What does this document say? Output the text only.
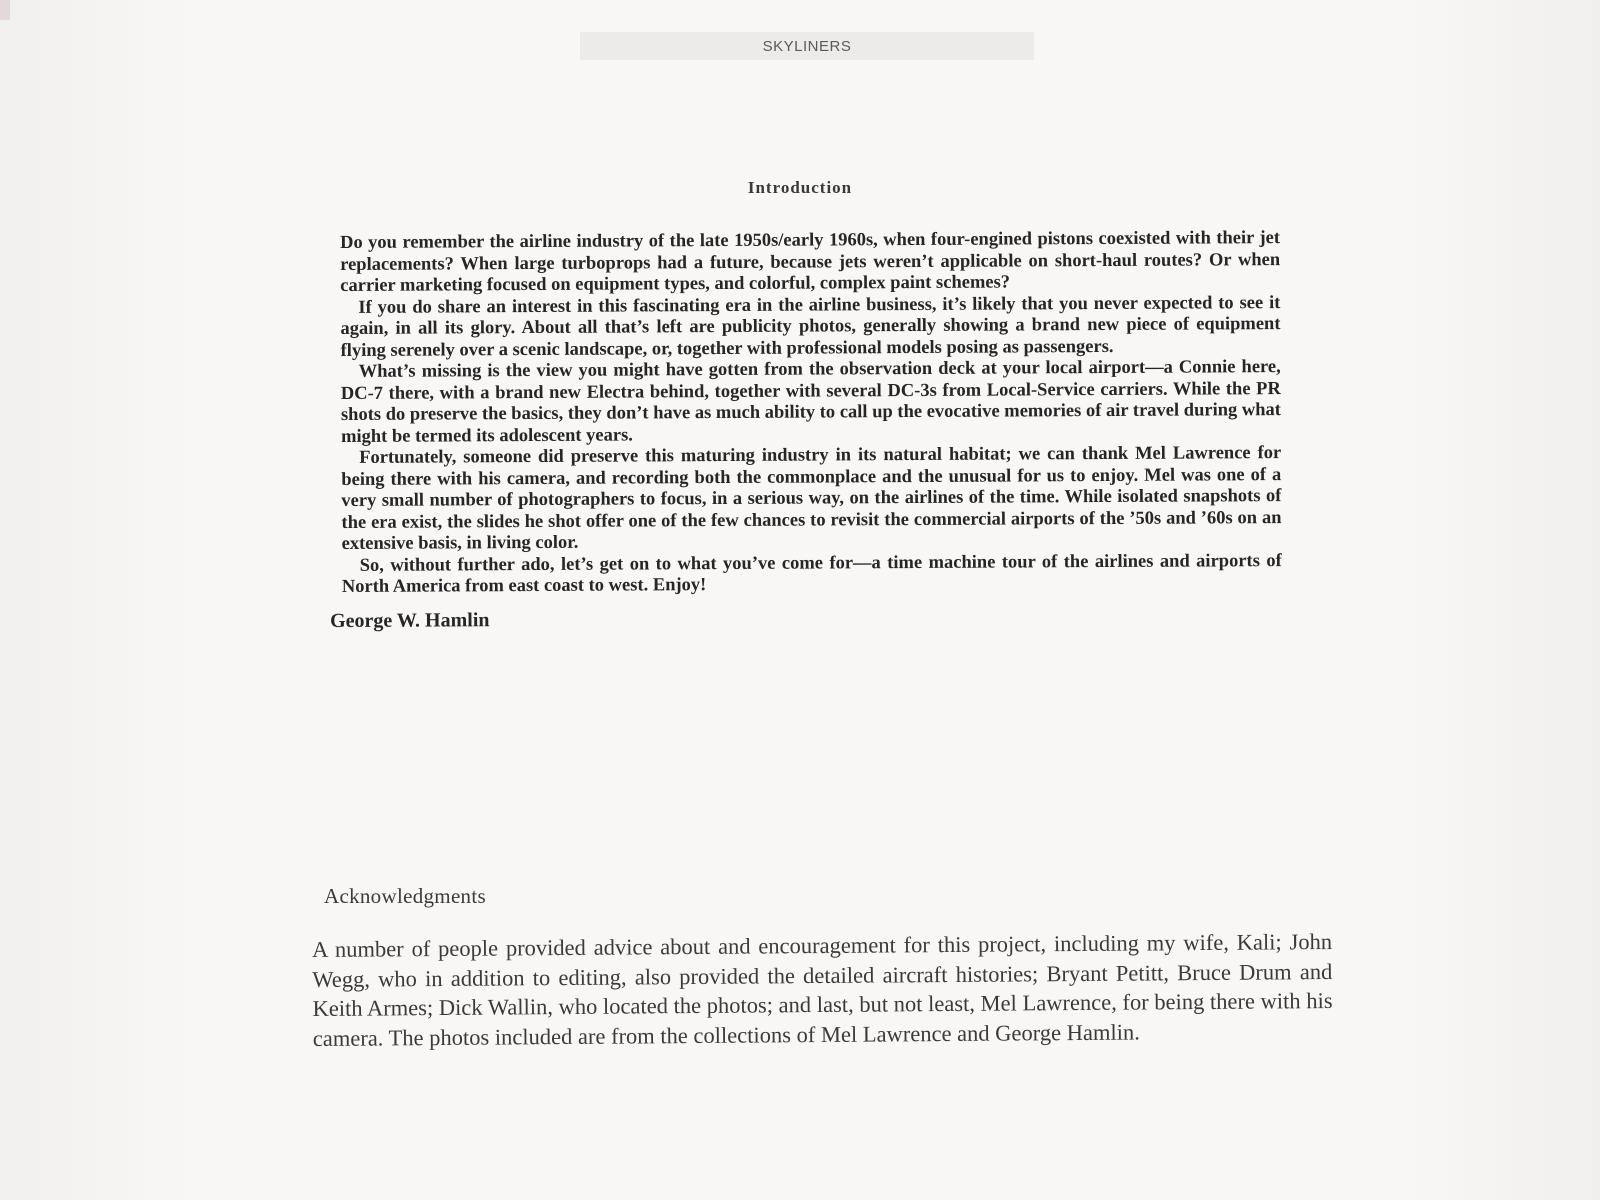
SKYLINERS
Introduction

Do you remember the airline industry of the late 1950s/early 1960s, when four-engined pistons coexisted with their jet replacements? When large turboprops had a future, because jets weren’t applicable on short-haul routes? Or when carrier marketing focused on equipment types, and colorful, complex paint schemes?

If you do share an interest in this fascinating era in the airline business, it’s likely that you never expected to see it again, in all its glory. About all that’s left are publicity photos, generally showing a brand new piece of equipment flying serenely over a scenic landscape, or, together with professional models posing as passengers.

What’s missing is the view you might have gotten from the observation deck at your local airport—a Connie here, DC-7 there, with a brand new Electra behind, together with several DC-3s from Local-Service carriers. While the PR shots do preserve the basics, they don’t have as much ability to call up the evocative memories of air travel during what might be termed its adolescent years.

Fortunately, someone did preserve this maturing industry in its natural habitat; we can thank Mel Lawrence for being there with his camera, and recording both the commonplace and the unusual for us to enjoy. Mel was one of a very small number of photographers to focus, in a serious way, on the airlines of the time. While isolated snapshots of the era exist, the slides he shot offer one of the few chances to revisit the commercial airports of the ’50s and ’60s on an extensive basis, in living color.

So, without further ado, let’s get on to what you’ve come for—a time machine tour of the airlines and airports of North America from east coast to west. Enjoy!

George W. Hamlin

Acknowledgments

A number of people provided advice about and encouragement for this project, including my wife, Kali; John Wegg, who in addition to editing, also provided the detailed aircraft histories; Bryant Petitt, Bruce Drum and Keith Armes; Dick Wallin, who located the photos; and last, but not least, Mel Lawrence, for being there with his camera. The photos included are from the collections of Mel Lawrence and George Hamlin.
